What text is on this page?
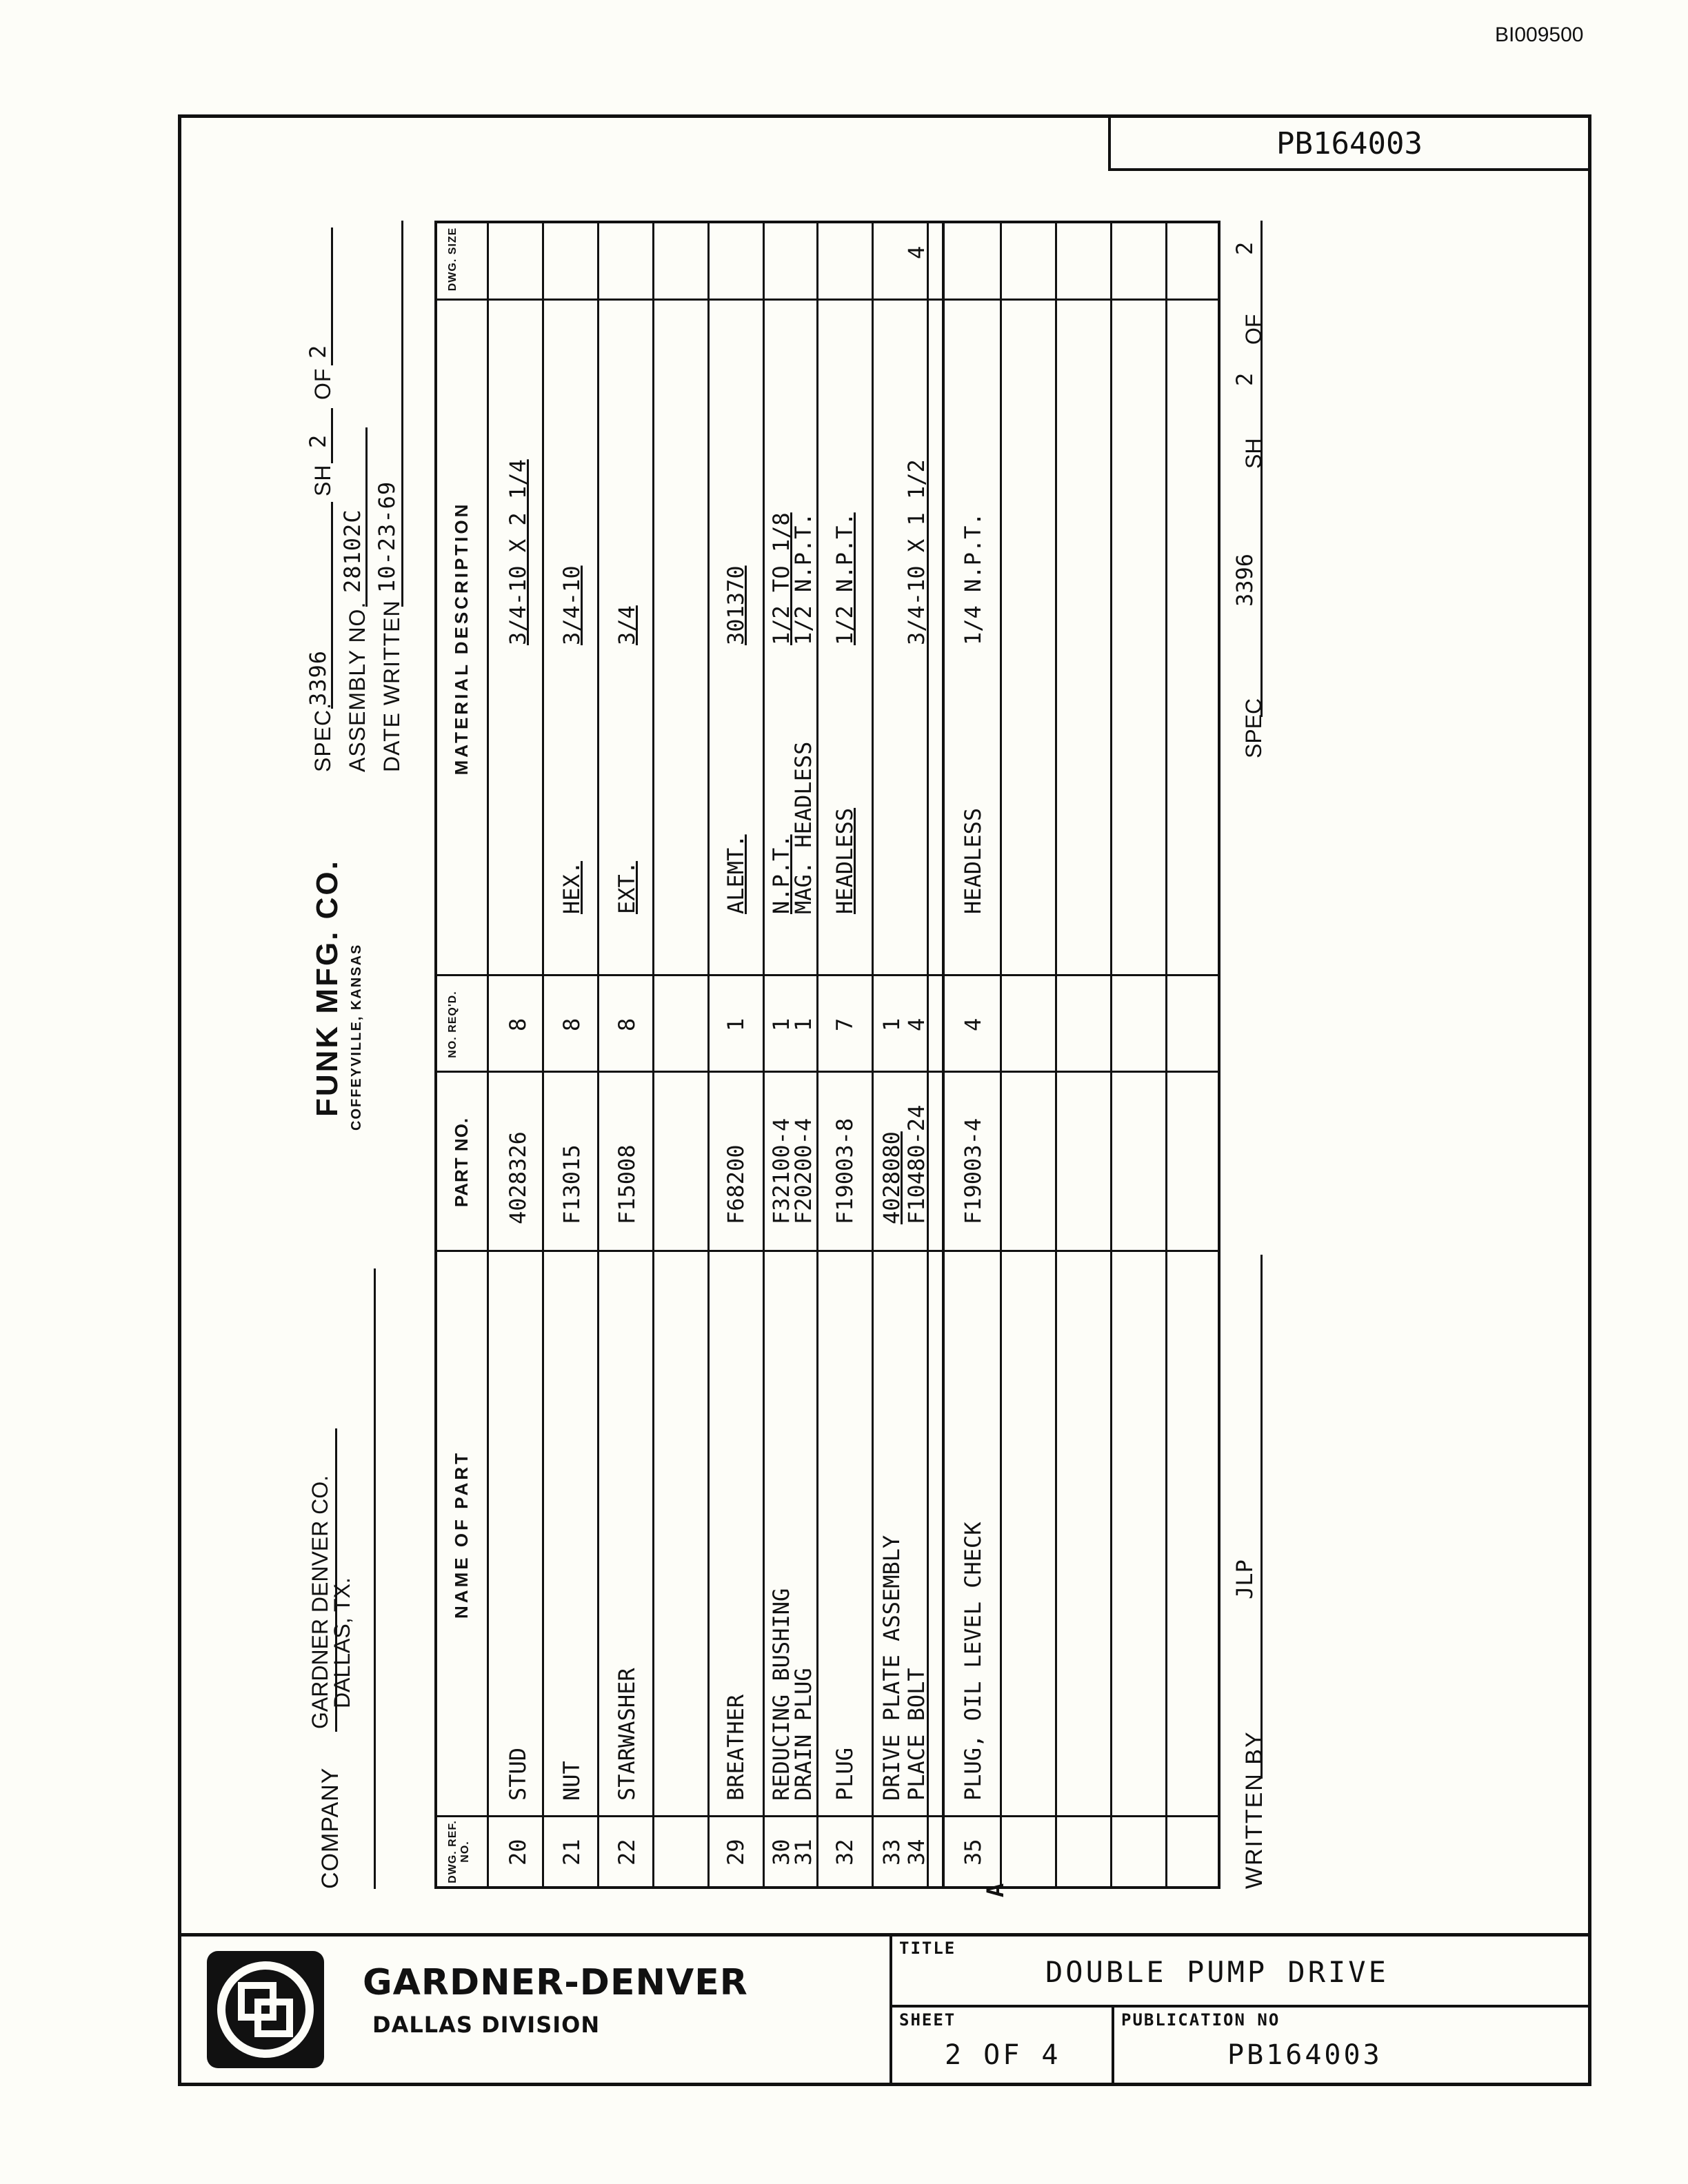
BI009500
PB164003
COMPANY
GARDNER DENVER CO.
DALLAS, TX.
FUNK MFG. CO. COFFEYVILLE, KANSAS
SPEC.
3396
SH
2
OF
2
ASSEMBLY NO.
28102C
DATE WRITTEN
10-23-69
DWG. REF. NO.
NAME OF PART
PART NO.
NO. REQ'D.
MATERIAL DESCRIPTION
DWG. SIZE
20
STUD
4028326
8
3/4-10 X 2 1/4
21
NUT
F13015
8
HEX.
3/4-10
22
STARWASHER
F15008
8
EXT.
3/4
29
BREATHER
F68200
1
ALEMT.
301370
30
REDUCING BUSHING
F32100-4
1
N.P.T.
1/2 TO 1/8
31
DRAIN PLUG
F20200-4
1
MAG. HEADLESS
1/2 N.P.T.
32
PLUG
F19003-8
7
HEADLESS
1/2 N.P.T.
33
DRIVE PLATE ASSEMBLY
4028080
1
34
PLACE BOLT
F10480-24
4
3/4-10 X 1 1/2
4
35
PLUG, OIL LEVEL CHECK
F19003-4
4
HEADLESS
1/4 N.P.T.
WRITTEN BY
JLP
SPEC
3396
SH
2
OF
2
A
GARDNER-DENVER
DALLAS DIVISION
TITLE
DOUBLE PUMP DRIVE
SHEET
2 OF 4
PUBLICATION NO
PB164003
